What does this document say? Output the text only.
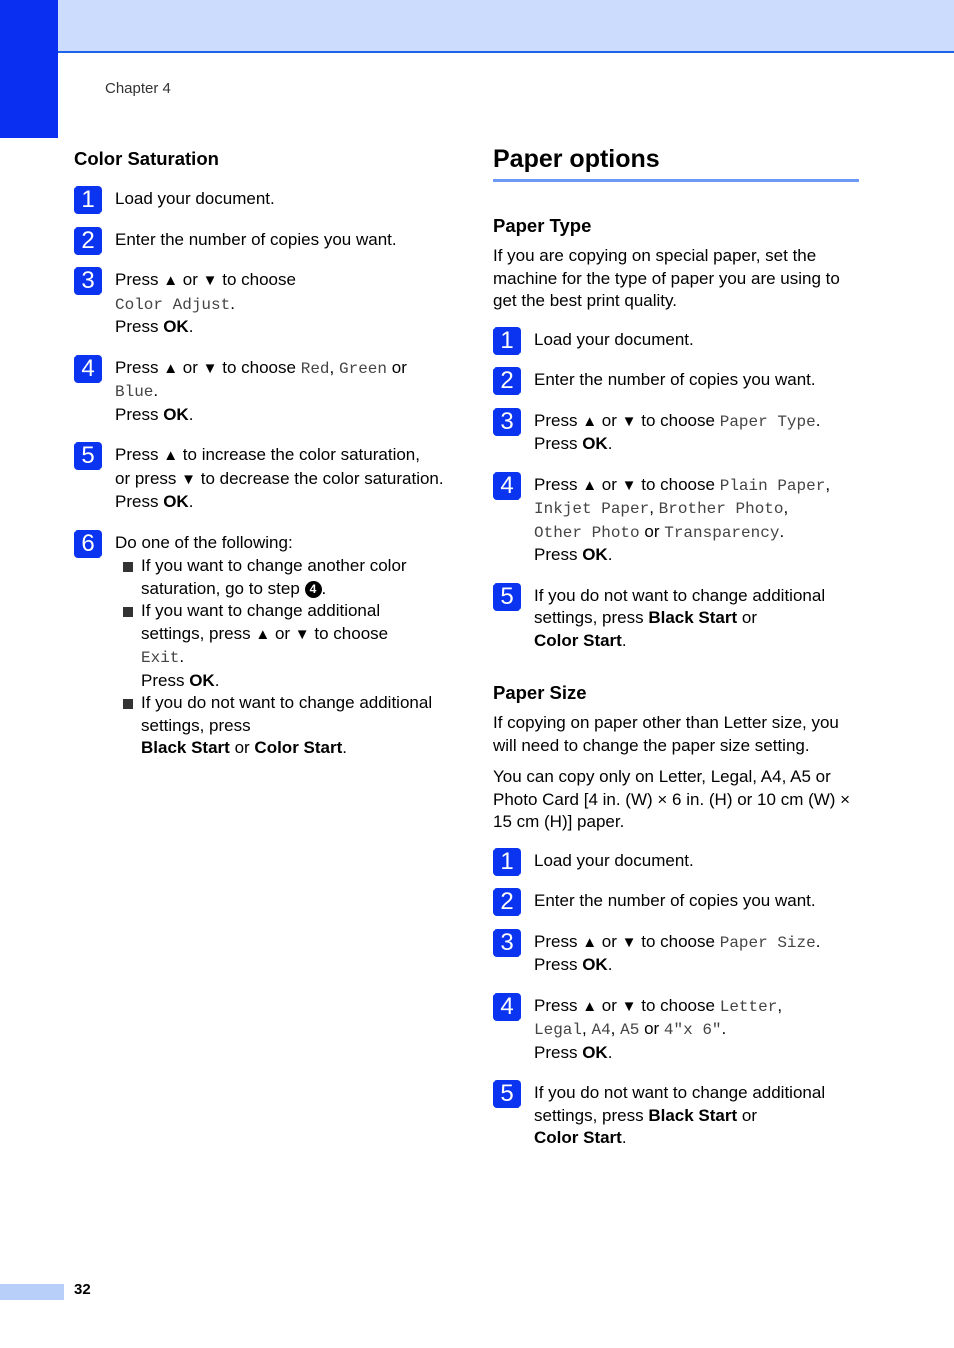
Chapter 4
Color Saturation
1	Load your document.
2	Enter the number of copies you want.
3	Press ▲ or ▼ to choose
Color Adjust.
Press OK.
4	Press ▲ or ▼ to choose Red, Green or
Blue.
Press OK.
5	Press ▲ to increase the color saturation,
or press ▼ to decrease the color saturation.
Press OK.
6	Do one of the following:
If you want to change another color saturation, go to step 4 .
If you want to change additional settings, press ▲ or ▼ to choose
Exit.
Press OK.
If you do not want to change additional settings, press
Black Start or Color Start.
Paper options
Paper Type

If you are copying on special paper, set the machine for the type of paper you are using to get the best print quality.

1	Load your document.
2	Enter the number of copies you want.
3	Press ▲ or ▼ to choose Paper Type.
Press OK.
4	Press ▲ or ▼ to choose Plain Paper,
Inkjet Paper, Brother Photo,
Other Photo or Transparency.
Press OK.
5	If you do not want to change additional settings, press Black Start or
Color Start.
Paper Size

If copying on paper other than Letter size, you will need to change the paper size setting.

You can copy only on Letter, Legal, A4, A5 or Photo Card [4 in. (W) × 6 in. (H) or 10 cm (W) × 15 cm (H)] paper.

1	Load your document.
2	Enter the number of copies you want.
3	Press ▲ or ▼ to choose Paper Size.
Press OK.
4	Press ▲ or ▼ to choose Letter,
Legal, A4, A5 or 4"x 6".
Press OK.
5	If you do not want to change additional settings, press Black Start or
Color Start.
32
